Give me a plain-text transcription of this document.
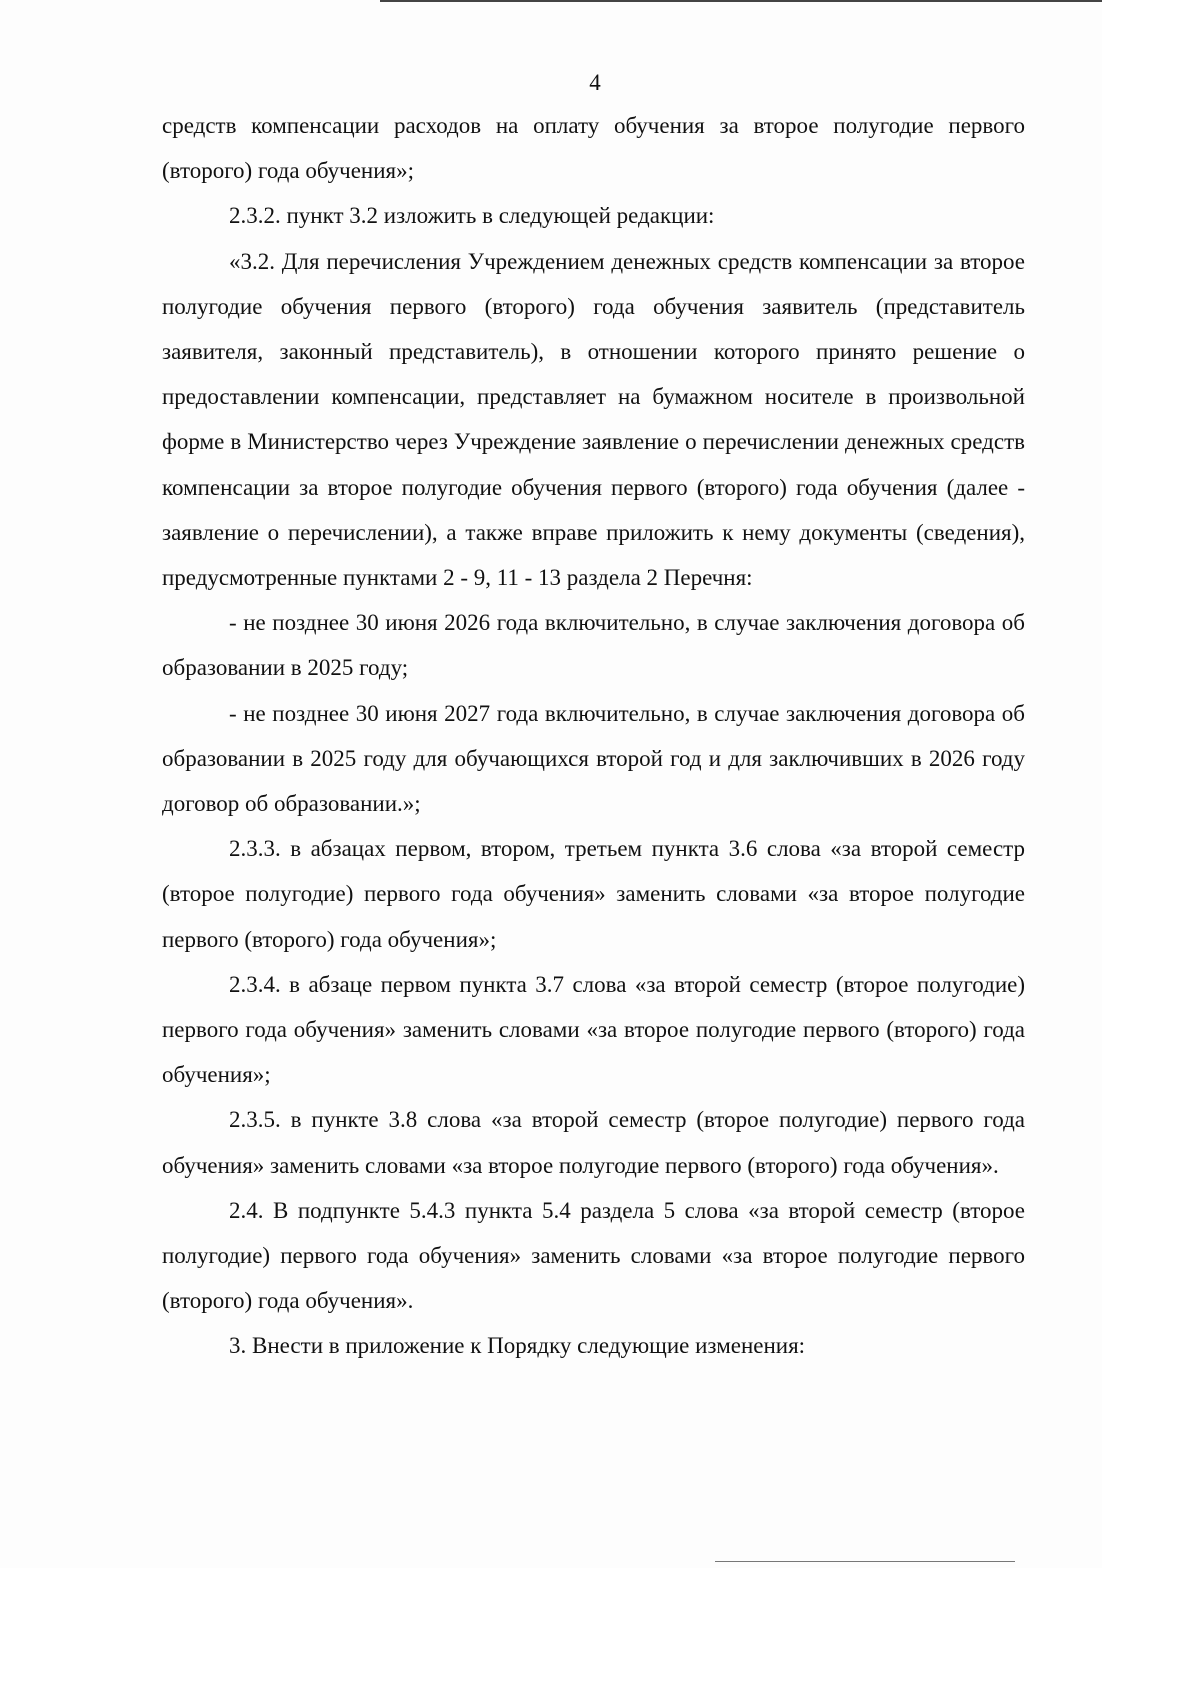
4

средств компенсации расходов на оплату обучения за второе полугодие первого (второго) года обучения»;

2.3.2. пункт 3.2 изложить в следующей редакции:

«3.2. Для перечисления Учреждением денежных средств компенсации за второе полугодие обучения первого (второго) года обучения заявитель (представитель заявителя, законный представитель), в отношении которого принято решение о предоставлении компенсации, представляет на бумажном носителе в произвольной форме в Министерство через Учреждение заявление о перечислении денежных средств компенсации за второе полугодие обучения первого (второго) года обучения (далее - заявление о перечислении), а также вправе приложить к нему документы (сведения), предусмотренные пунктами 2 - 9, 11 - 13 раздела 2 Перечня:

- не позднее 30 июня 2026 года включительно, в случае заключения договора об образовании в 2025 году;

- не позднее 30 июня 2027 года включительно, в случае заключения договора об образовании в 2025 году для обучающихся второй год и для заключивших в 2026 году договор об образовании.»;

2.3.3. в абзацах первом, втором, третьем пункта 3.6 слова «за второй семестр (второе полугодие) первого года обучения» заменить словами «за второе полугодие первого (второго) года обучения»;

2.3.4. в абзаце первом пункта 3.7 слова «за второй семестр (второе полугодие) первого года обучения» заменить словами «за второе полугодие первого (второго) года обучения»;

2.3.5. в пункте 3.8 слова «за второй семестр (второе полугодие) первого года обучения» заменить словами «за второе полугодие первого (второго) года обучения».

2.4. В подпункте 5.4.3 пункта 5.4 раздела 5 слова «за второй семестр (второе полугодие) первого года обучения» заменить словами «за второе полугодие первого (второго) года обучения».

3. Внести в приложение к Порядку следующие изменения:
